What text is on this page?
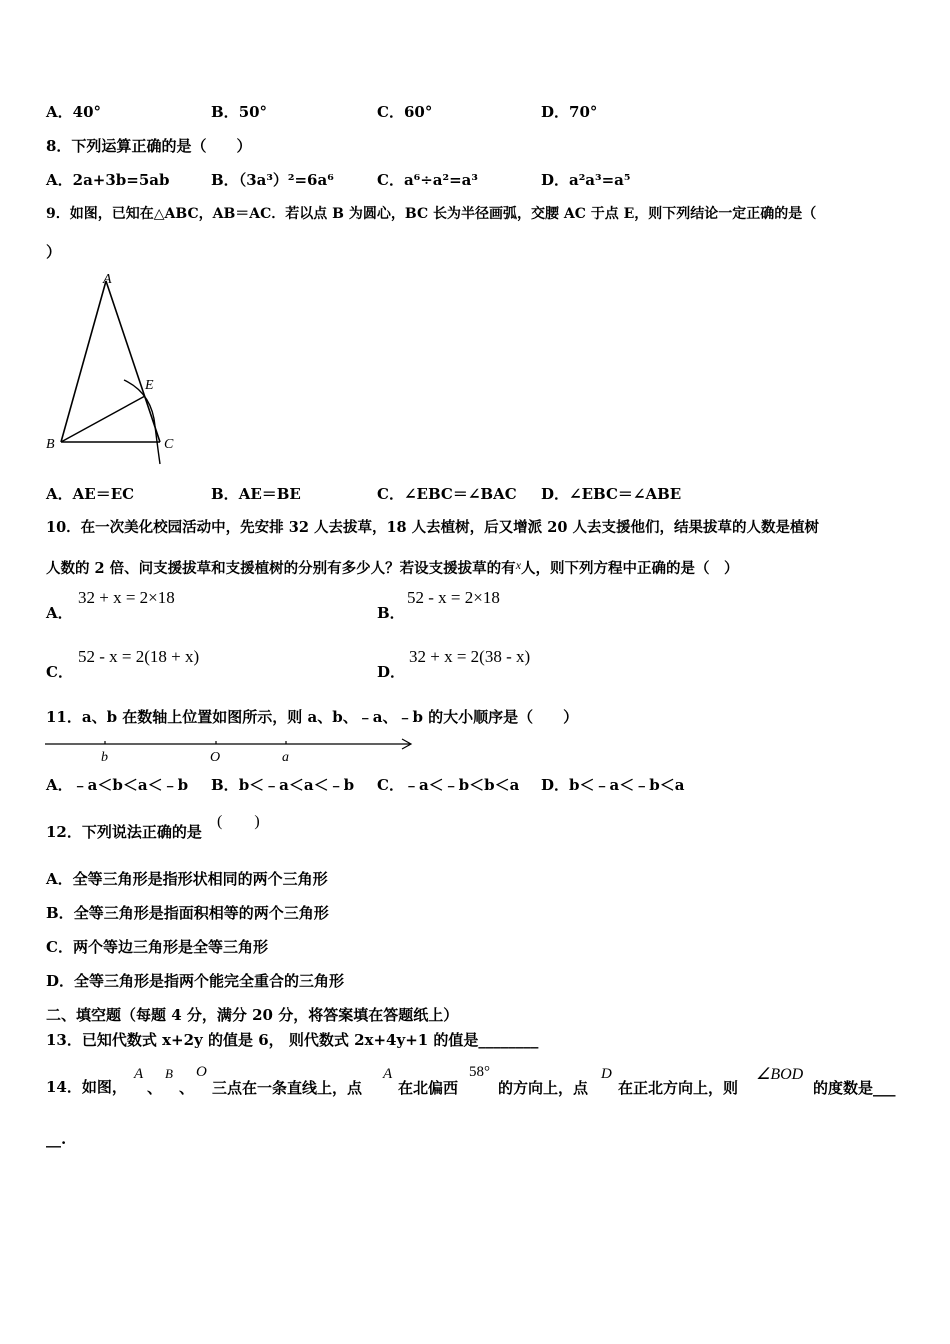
A．40°	B．50°	C．60°	D．70°
8．下列运算正确的是（　　）
A．2a+3b=5ab	B．（3a³）²=6a⁶	C．a⁶÷a²=a³	D．a²a³=a⁵
9．如图，已知在△ABC，AB＝AC．若以点 B 为圆心，BC 长为半径画弧，交腰 AC 于点 E，则下列结论一定正确的是（
）
A
B	C
E
A．AE＝EC	B．AE＝BE	C．∠EBC＝∠BAC D．∠EBC＝∠ABE
10．在一次美化校园活动中，先安排 32 人去拔草，18 人去植树，后又增派 20 人去支援他们，结果拔草的人数是植树
人数的 2 倍、问支援拔草和支援植树的分别有多少人？若设支援拔草的有$^x$人，则下列方程中正确的是（　）
A．
32 + x = 2×18
B．
52 - x = 2×18
C．
52 - x = 2(18 + x)
D．
32 + x = 2(38 - x)
11．a、b 在数轴上位置如图所示，则 a、b、﹣a、﹣b 的大小顺序是（　　）
b	O	a
A．﹣a＜b＜a＜﹣b B．b＜﹣a＜a＜﹣b C．﹣a＜﹣b＜b＜a D．b＜﹣a＜﹣b＜a
12．下列说法正确的是
(　　)
A．全等三角形是指形状相同的两个三角形
B．全等三角形是指面积相等的两个三角形
C．两个等边三角形是全等三角形
D．全等三角形是指两个能完全重合的三角形
二、填空题（每题 4 分，满分 20 分，将答案填在答题纸上）
13．已知代数式 x+2y 的值是 6， 则代数式 2x+4y+1 的值是________
14．如图，
A
、
B
、
O
三点在一条直线上，点
A
在北偏西
58°
的方向上，点
D
在正北方向上，则
∠BOD
的度数是___
__.
